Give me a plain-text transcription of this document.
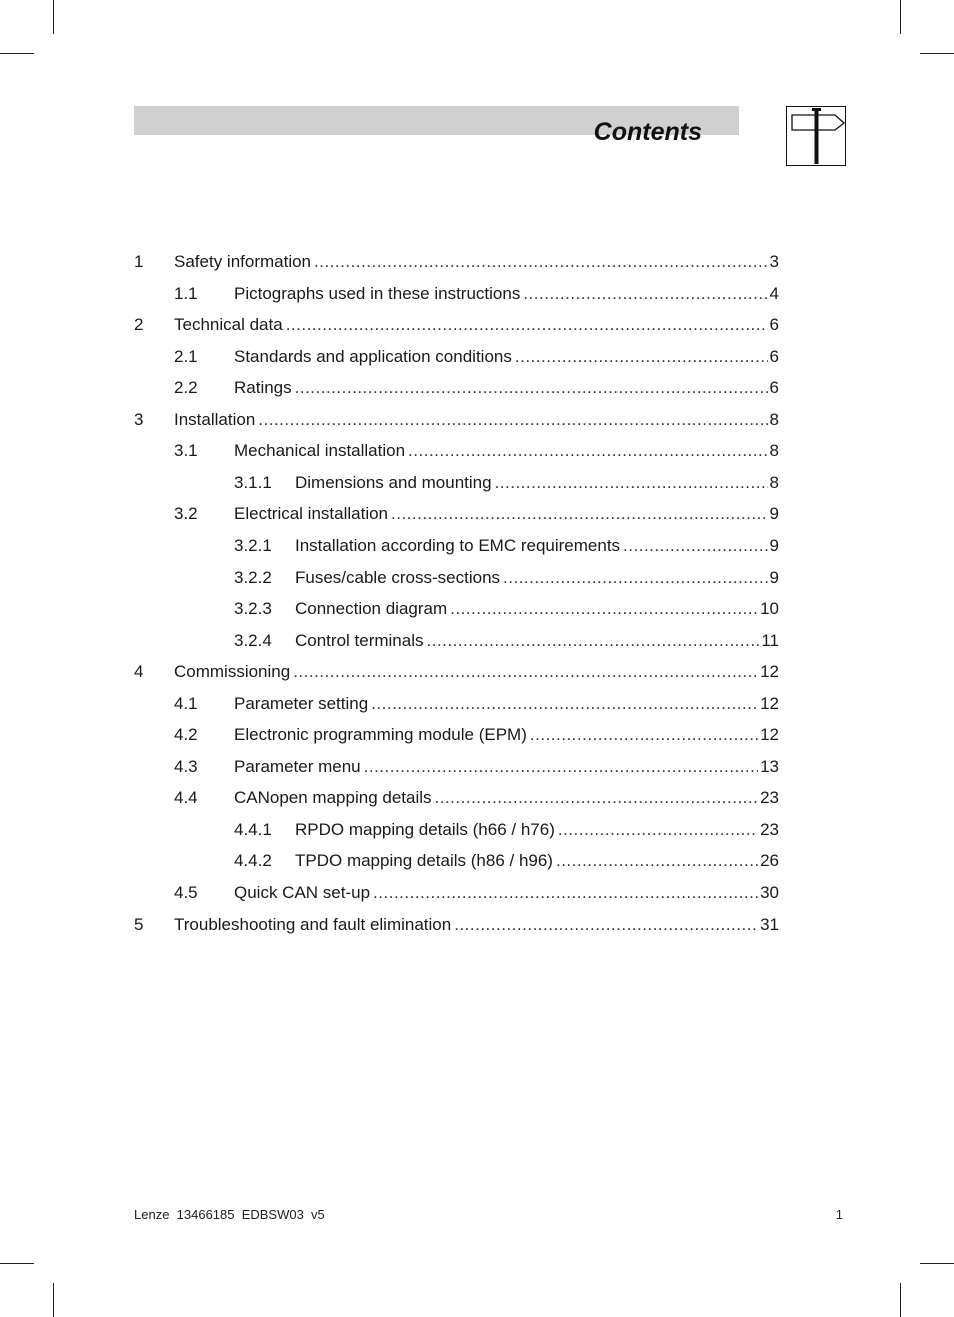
Contents
1 Safety information .....	3
1.1 Pictographs used in these instructions .....	4
2 Technical data .....	6
2.1 Standards and application conditions .....	6
2.2 Ratings .....	6
3 Installation .....	8
3.1 Mechanical installation .....	8
3.1.1 Dimensions and mounting .....	8
3.2 Electrical installation .....	9
3.2.1 Installation according to EMC requirements .....	9
3.2.2 Fuses/cable cross-sections .....	9
3.2.3 Connection diagram .....	10
3.2.4 Control terminals .....	11
4 Commissioning .....	12
4.1 Parameter setting .....	12
4.2 Electronic programming module (EPM) .....	12
4.3 Parameter menu .....	13
4.4 CANopen mapping details .....	23
4.4.1 RPDO mapping details (h66 / h76) .....	23
4.4.2 TPDO mapping details (h86 / h96) .....	26
4.5 Quick CAN set-up .....	30
5 Troubleshooting and fault elimination .....	31
Lenze  13466185  EDBSW03  v5	1
